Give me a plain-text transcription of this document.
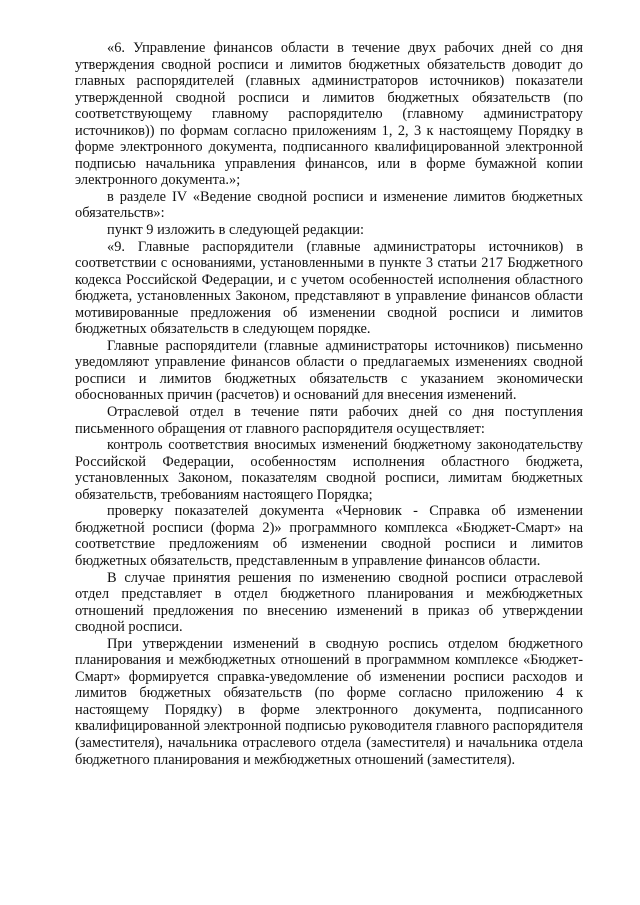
«6. Управление финансов области в течение двух рабочих дней со дня утверждения сводной росписи и лимитов бюджетных обязательств доводит до главных распорядителей (главных администраторов источников) показатели утвержденной сводной росписи и лимитов бюджетных обязательств (по соответствующему главному распорядителю (главному администратору источников)) по формам согласно приложениям 1, 2, 3 к настоящему Порядку в форме электронного документа, подписанного квалифицированной электронной подписью начальника управления финансов, или в форме бумажной копии электронного документа.»;

в разделе IV «Ведение сводной росписи и изменение лимитов бюджетных обязательств»:

пункт 9 изложить в следующей редакции:

«9. Главные распорядители (главные администраторы источников) в соответствии с основаниями, установленными в пункте 3 статьи 217 Бюджетного кодекса Российской Федерации, и с учетом особенностей исполнения областного бюджета, установленных Законом, представляют в управление финансов области мотивированные предложения об изменении сводной росписи и лимитов бюджетных обязательств в следующем порядке.

Главные распорядители (главные администраторы источников) письменно уведомляют управление финансов области о предлагаемых изменениях сводной росписи и лимитов бюджетных обязательств с указанием экономически обоснованных причин (расчетов) и оснований для внесения изменений.

Отраслевой отдел в течение пяти рабочих дней со дня поступления письменного обращения от главного распорядителя осуществляет:

контроль соответствия вносимых изменений бюджетному законодательству Российской Федерации, особенностям исполнения областного бюджета, установленных Законом, показателям сводной росписи, лимитам бюджетных обязательств, требованиям настоящего Порядка;

проверку показателей документа «Черновик - Справка об изменении бюджетной росписи (форма 2)» программного комплекса «Бюджет-Смарт» на соответствие предложениям об изменении сводной росписи и лимитов бюджетных обязательств, представленным в управление финансов области.

В случае принятия решения по изменению сводной росписи отраслевой отдел представляет в отдел бюджетного планирования и межбюджетных отношений предложения по внесению изменений в приказ об утверждении сводной росписи.

При утверждении изменений в сводную роспись отделом бюджетного планирования и межбюджетных отношений в программном комплексе «Бюджет-Смарт» формируется справка-уведомление об изменении росписи расходов и лимитов бюджетных обязательств (по форме согласно приложению 4 к настоящему Порядку) в форме электронного документа, подписанного квалифицированной электронной подписью руководителя главного распорядителя (заместителя), начальника отраслевого отдела (заместителя) и начальника отдела бюджетного планирования и межбюджетных отношений (заместителя).
